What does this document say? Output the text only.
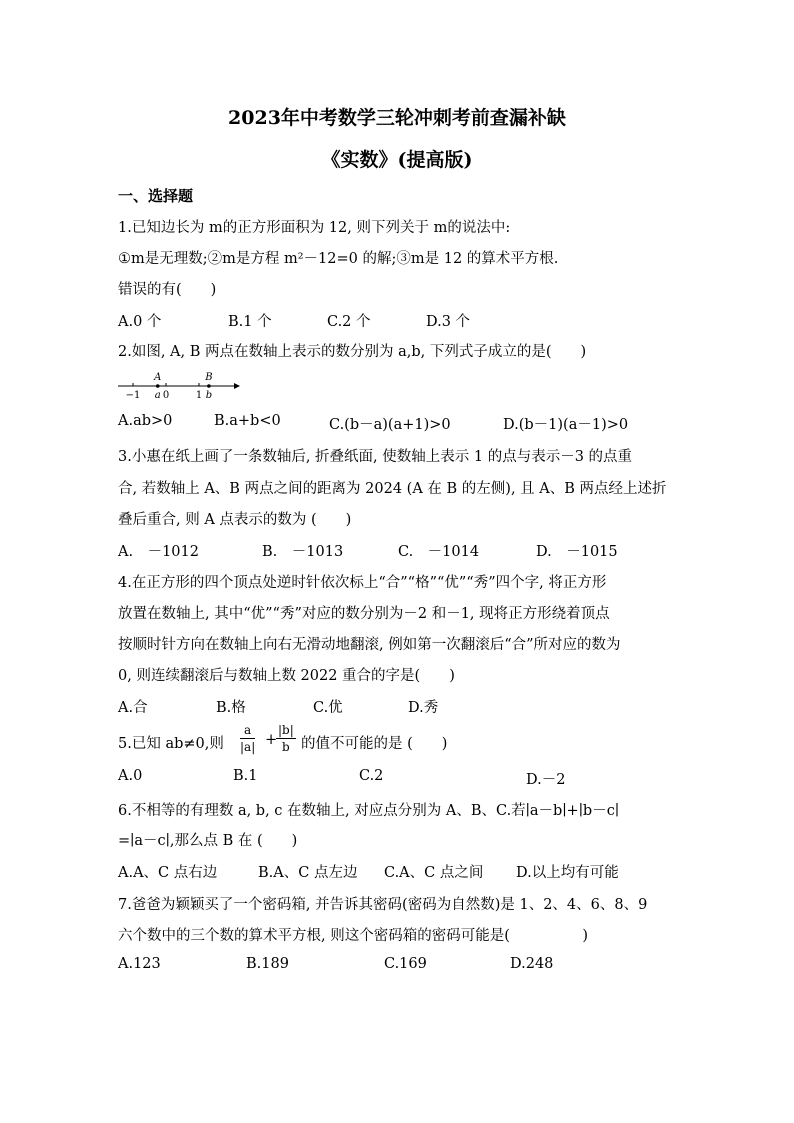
2023年中考数学三轮冲刺考前查漏补缺
《实数》(提高版)
一、选择题
1.已知边长为 m的正方形面积为 12, 则下列关于 m的说法中:
①m是无理数;②m是方程 m²－12=0 的解;③m是 12 的算术平方根.
错误的有(　　)
A.0 个	B.1 个	C.2 个	D.3 个
2.如图, A, B 两点在数轴上表示的数分别为 a,b, 下列式子成立的是(　　)
−1 0	1
A
a
B
b
A.ab>0	B.a+b<0	C.(b－a)(a+1)>0	D.(b－1)(a－1)>0
3.小惠在纸上画了一条数轴后, 折叠纸面, 使数轴上表示 1 的点与表示－3 的点重
合, 若数轴上 A、B 两点之间的距离为 2024 (A 在 B 的左侧), 且 A、B 两点经上述折
叠后重合, 则 A 点表示的数为 (　　)
A.　－1012	B.　－1013	C.　－1014	D.　－1015
4.在正方形的四个顶点处逆时针依次标上“合”“格”“优”“秀”四个字, 将正方形
放置在数轴上, 其中“优”“秀”对应的数分别为－2 和－1, 现将正方形绕着顶点
按顺时针方向在数轴上向右无滑动地翻滚, 例如第一次翻滚后“合”所对应的数为
0, 则连续翻滚后与数轴上数 2022 重合的字是(　　)
A.合	B.格	C.优	D.秀
5.已知 ab≠0,则 $\frac{a}{|a|}$ +
$\frac{|b|}{b}$ 的值不可能的是 (　　)
A.0	B.1	C.2	D.－2
6.不相等的有理数 a, b, c 在数轴上, 对应点分别为 A、B、C.若∣a－b∣+∣b－c∣
=∣a－c∣,那么点 B 在 (　　)
A.A、C 点右边	B.A、C 点左边 C.A、C 点之间 D.以上均有可能
7.爸爸为颖颖买了一个密码箱, 并告诉其密码(密码为自然数)是 1、2、4、6、8、9
六个数中的三个数的算术平方根, 则这个密码箱的密码可能是(　　　　　)
A.123	B.189	C.169	D.248
